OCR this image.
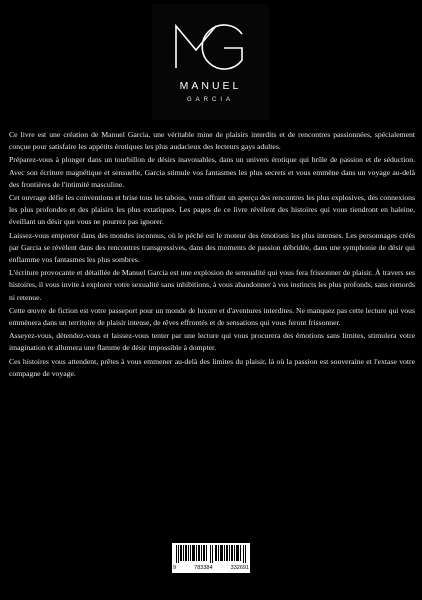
MANUEL
GARCIA

Ce livre est une création de Manuel Garcia, une véritable mine de plaisirs interdits et de rencontres passionnées, spécialement conçue pour satisfaire les appétits érotiques les plus audacieux des lecteurs gays adultes.

Préparez-vous à plonger dans un tourbillon de désirs inavouables, dans un univers érotique qui brûle de passion et de séduction. Avec son écriture magnétique et sensuelle, Garcia stimule vos fantasmes les plus secrets et vous emmène dans un voyage au-delà des frontières de l'intimité masculine.

Cet ouvrage défie les conventions et brise tous les tabous, vous offrant un aperçu des rencontres les plus explosives, des connexions les plus profondes et des plaisirs les plus extatiques. Les pages de ce livre révèlent des histoires qui vous tiendront en haleine, éveillant un désir que vous ne pourrez pas ignorer.

Laissez-vous emporter dans des mondes inconnus, où le péché est le moteur des émotions les plus intenses. Les personnages créés par Garcia se révèlent dans des rencontres transgressives, dans des moments de passion débridée, dans une symphonie de désir qui enflamme vos fantasmes les plus sombres.

L'écriture provocante et détaillée de Manuel Garcia est une explosion de sensualité qui vous fera frissonner de plaisir. À travers ses histoires, il vous invite à explorer votre sexualité sans inhibitions, à vous abandonner à vos instincts les plus profonds, sans remords ni retenue.

Cette œuvre de fiction est votre passeport pour un monde de luxure et d'aventures interdites. Ne manquez pas cette lecture qui vous emmènera dans un territoire de plaisir intense, de rêves effrontés et de sensations qui vous feront frissonner.

Asseyez-vous, détendez-vous et laissez-vous tenter par une lecture qui vous procurera des émotions sans limites, stimulera votre imagination et allumera une flamme de désir impossible à dompter.

Ces histoires vous attendent, prêtes à vous emmener au-delà des limites du plaisir, là où la passion est souveraine et l'extase votre compagne de voyage.

9	783384	332691
